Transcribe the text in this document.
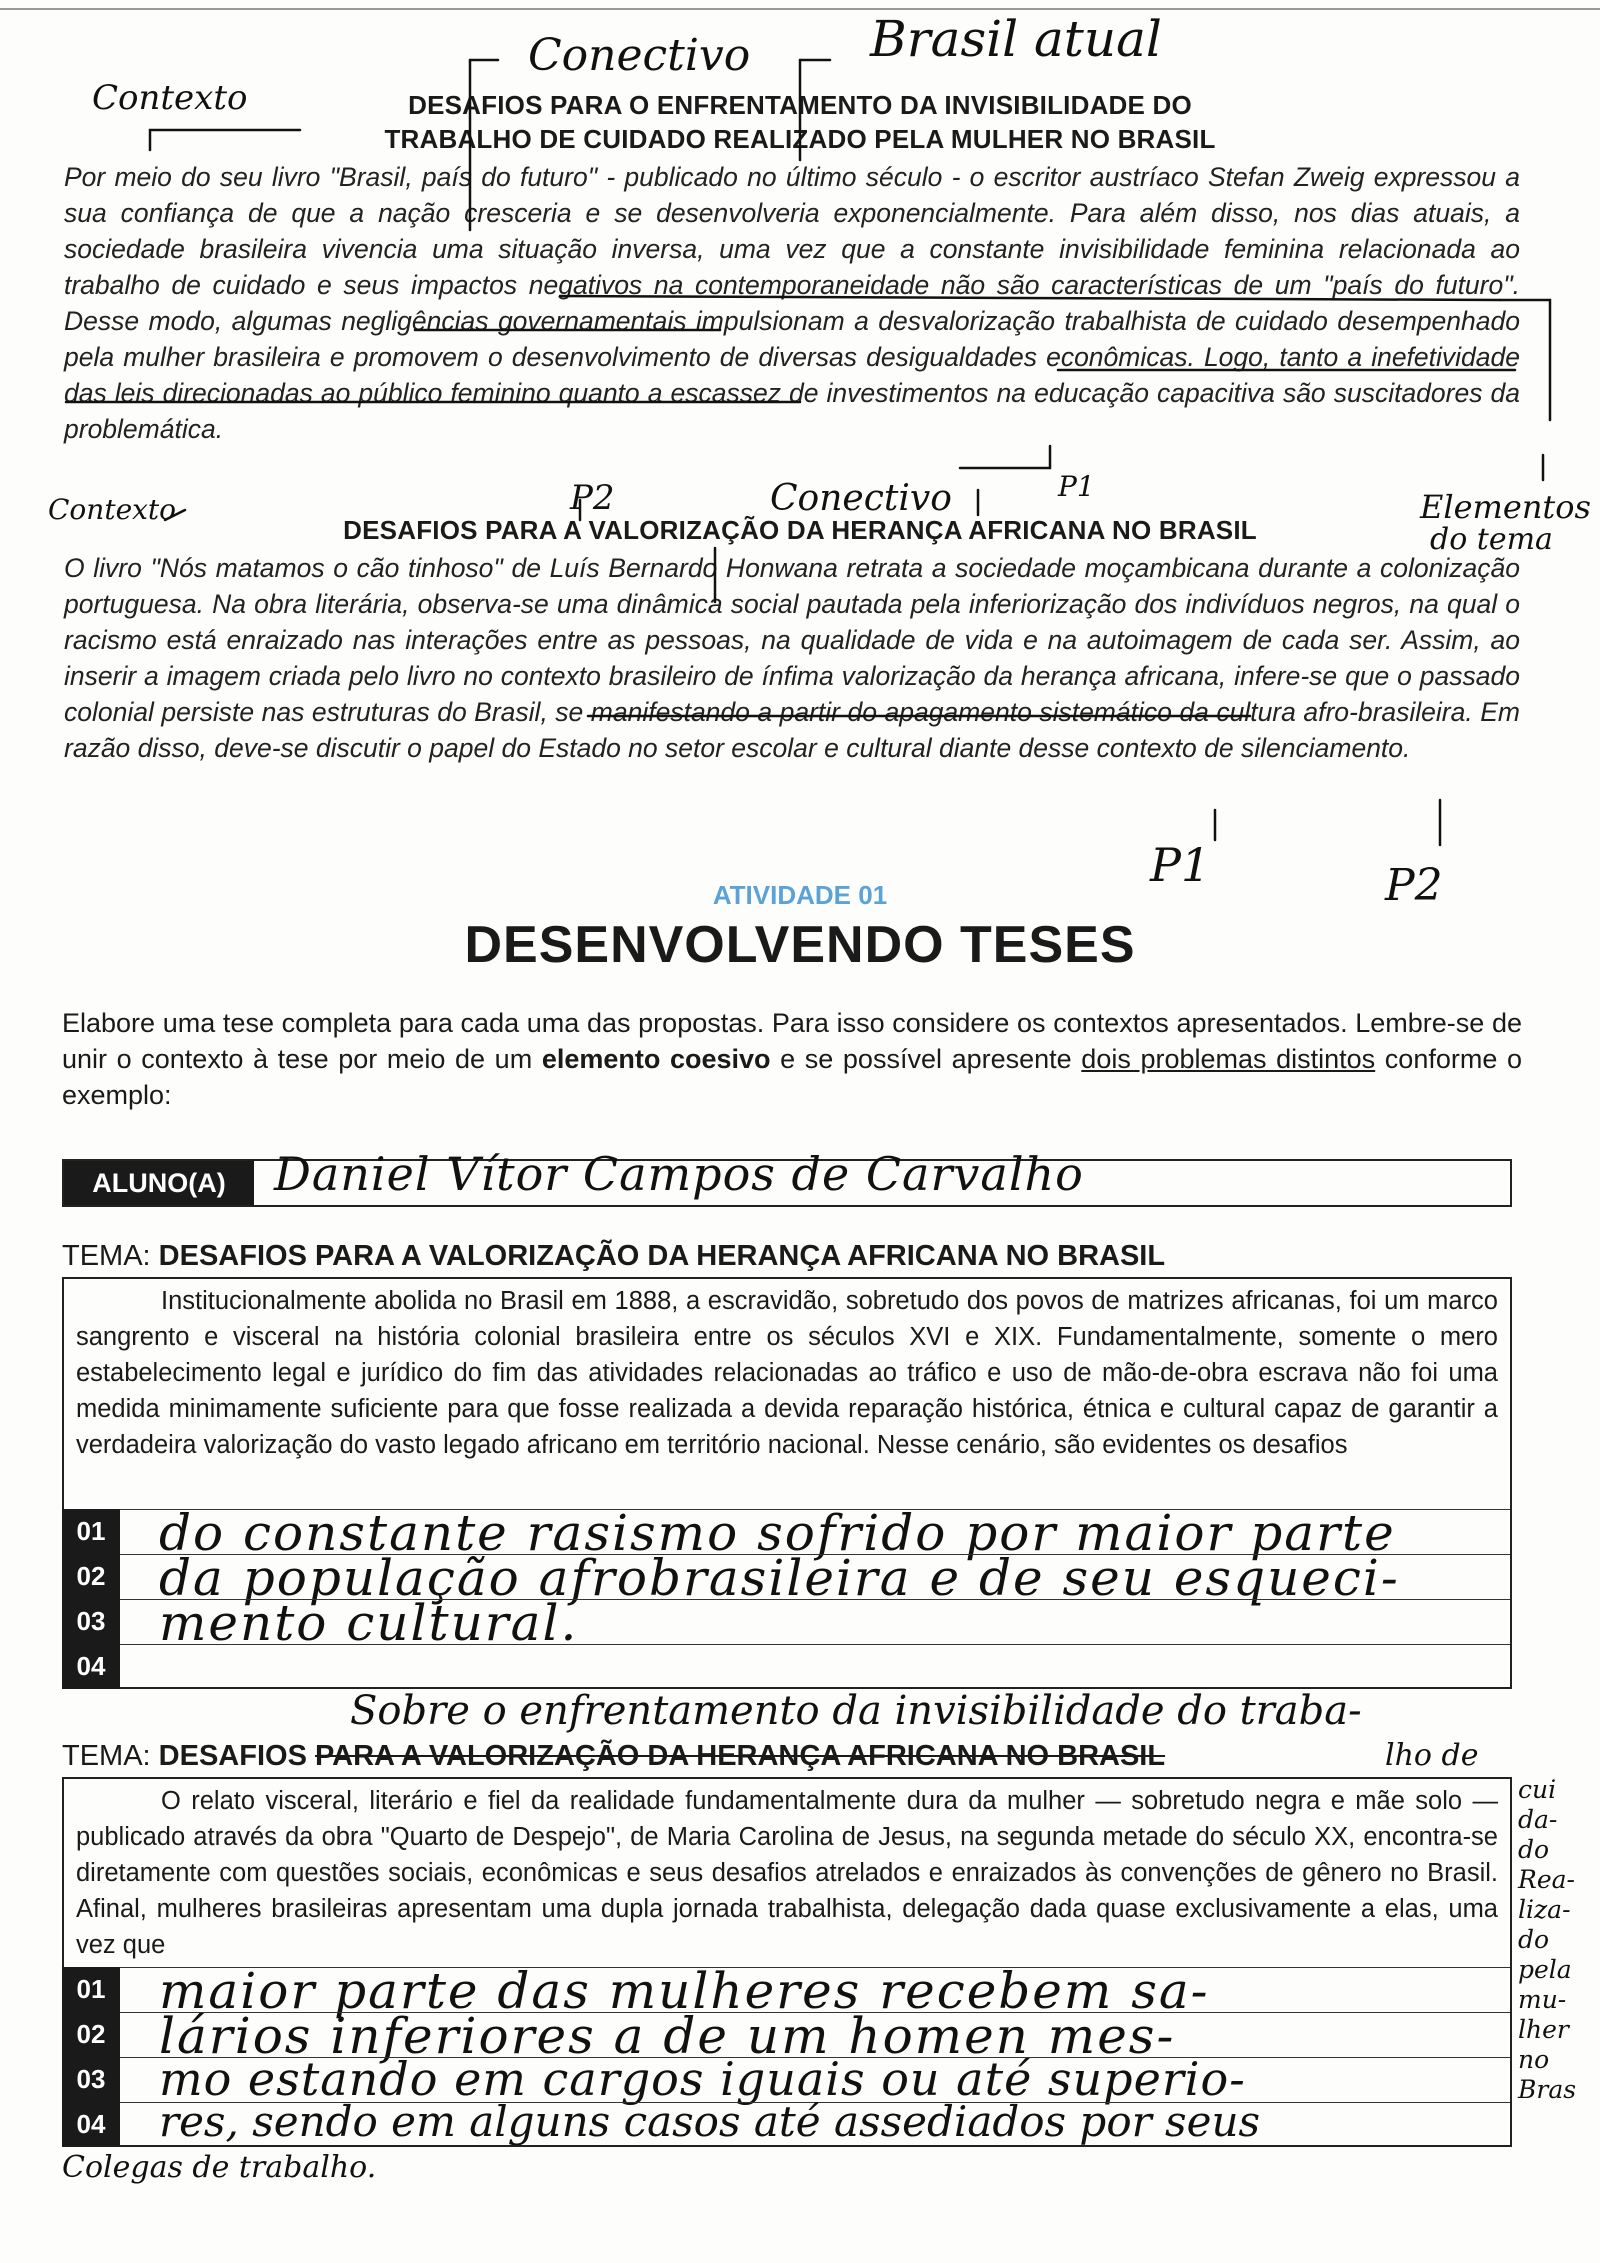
Contexto
Conectivo Brasil atual
DESAFIOS PARA O ENFRENTAMENTO DA INVISIBILIDADE DO
TRABALHO DE CUIDADO REALIZADO PELA MULHER NO BRASIL
Por meio do seu livro "Brasil, país do futuro" - publicado no último século - o escritor austríaco Stefan Zweig expressou a sua confiança de que a nação cresceria e se desenvolveria exponencialmente. Para além disso, nos dias atuais, a sociedade brasileira vivencia uma situação inversa, uma vez que a constante invisibilidade feminina relacionada ao trabalho de cuidado e seus impactos negativos na contemporaneidade não são características de um "país do futuro". Desse modo, algumas negligências governamentais impulsionam a desvalorização trabalhista de cuidado desempenhado pela mulher brasileira e promovem o desenvolvimento de diversas desigualdades econômicas. Logo, tanto a inefetividade das leis direcionadas ao público feminino quanto a escassez de investimentos na educação capacitiva são suscitadores da problemática.
Contexto	P2	Conectivo	P1
Elementos
do tema
DESAFIOS PARA A VALORIZAÇÃO DA HERANÇA AFRICANA NO BRASIL
O livro "Nós matamos o cão tinhoso" de Luís Bernardo Honwana retrata a sociedade moçambicana durante a colonização portuguesa. Na obra literária, observa-se uma dinâmica social pautada pela inferiorização dos indivíduos negros, na qual o racismo está enraizado nas interações entre as pessoas, na qualidade de vida e na autoimagem de cada ser. Assim, ao inserir a imagem criada pelo livro no contexto brasileiro de ínfima valorização da herança africana, infere-se que o passado colonial persiste nas estruturas do Brasil, se manifestando a partir do apagamento sistemático da cultura afro-brasileira. Em razão disso, deve-se discutir o papel do Estado no setor escolar e cultural diante desse contexto de silenciamento.
P1	P2
ATIVIDADE 01
DESENVOLVENDO TESES
Elabore uma tese completa para cada uma das propostas. Para isso considere os contextos apresentados. Lembre-se de unir o contexto à tese por meio de um elemento coesivo e se possível apresente dois problemas distintos conforme o exemplo:
ALUNO(A)	Daniel Vítor Campos de Carvalho
TEMA: DESAFIOS PARA A VALORIZAÇÃO DA HERANÇA AFRICANA NO BRASIL
Institucionalmente abolida no Brasil em 1888, a escravidão, sobretudo dos povos de matrizes africanas, foi um marco sangrento e visceral na história colonial brasileira entre os séculos XVI e XIX. Fundamentalmente, somente o mero estabelecimento legal e jurídico do fim das atividades relacionadas ao tráfico e uso de mão-de-obra escrava não foi uma medida minimamente suficiente para que fosse realizada a devida reparação histórica, étnica e cultural capaz de garantir a verdadeira valorização do vasto legado africano em território nacional. Nesse cenário, são evidentes os desafios
01 do constante rasismo sofrido por maior parte
02 da população afrobrasileira e de seu esqueci-
03 mento cultural.
04
Sobre o enfrentamento da invisibilidade do traba-
TEMA: DESAFIOS PARA A VALORIZAÇÃO DA HERANÇA AFRICANA NO BRASIL	lho de
O relato visceral, literário e fiel da realidade fundamentalmente dura da mulher — sobretudo negra e mãe solo — publicado através da obra "Quarto de Despejo", de Maria Carolina de Jesus, na segunda metade do século XX, encontra-se diretamente com questões sociais, econômicas e seus desafios atrelados e enraizados às convenções de gênero no Brasil. Afinal, mulheres brasileiras apresentam uma dupla jornada trabalhista, delegação dada quase exclusivamente a elas, uma vez que
01 maior parte das mulheres recebem sa-
02 lários inferiores a de um homen mes-
03	mo estando em cargos iguais ou até superio-
04	res, sendo em alguns casos até assediados por seus
Colegas de trabalho.
cui
da-
do
Rea-
liza-
do
pela
mu-
lher
no
Bras
